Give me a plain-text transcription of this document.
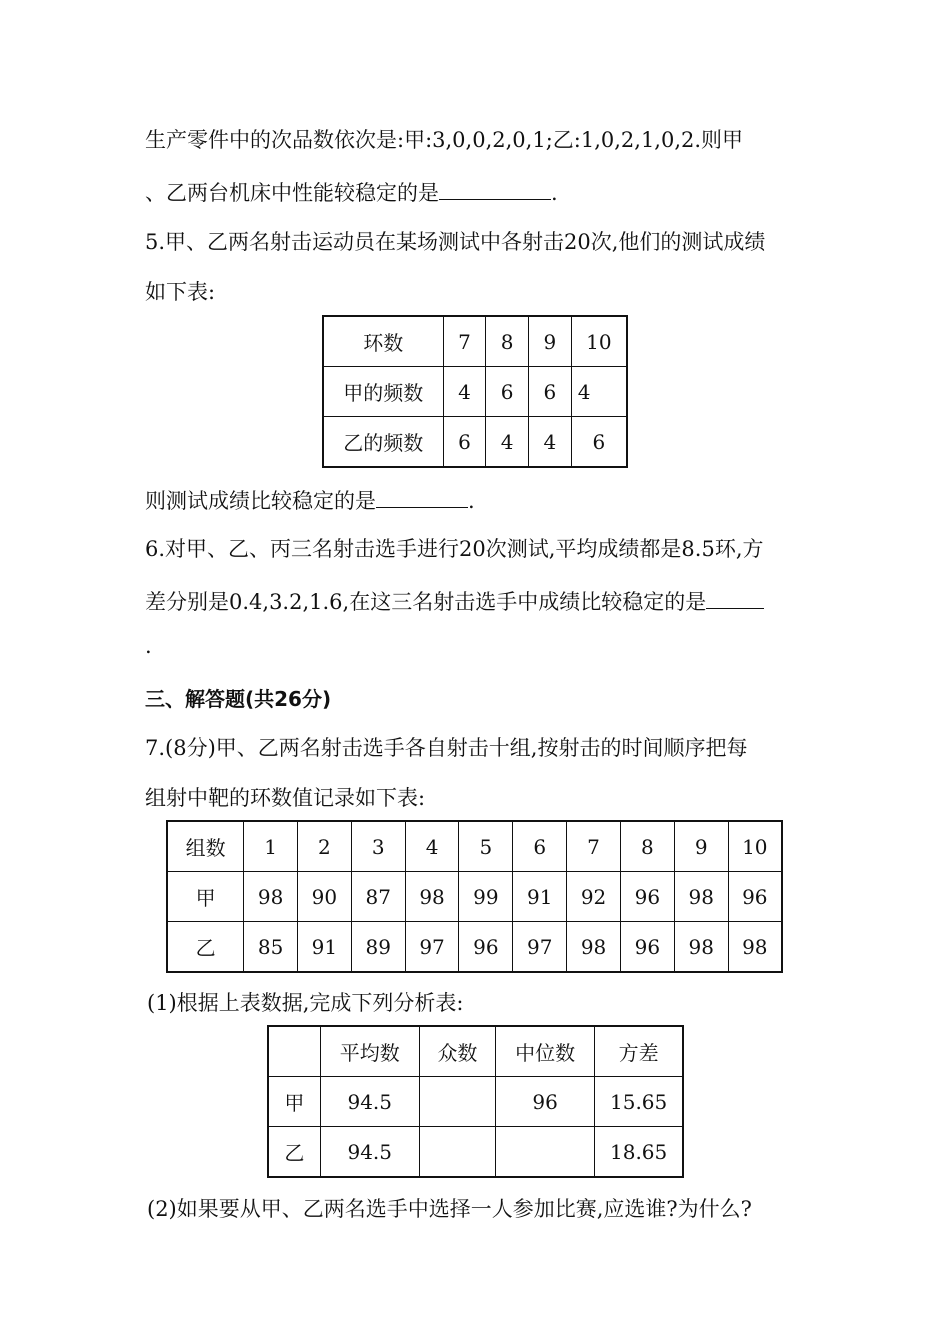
生产零件中的次品数依次是:甲:3,0,0,2,0,1;乙:1,0,2,1,0,2.则甲
、乙两台机床中性能较稳定的是	.
5.甲、乙两名射击运动员在某场测试中各射击20次,他们的测试成绩
如下表:
环数	7	8	9	10
甲的频数	4	6	6	4
乙的频数	6	4	4	6
则测试成绩比较稳定的是	.
6.对甲、乙、丙三名射击选手进行20次测试,平均成绩都是8.5环,方
差分别是0.4,3.2,1.6,在这三名射击选手中成绩比较稳定的是
.
三、解答题(共26分)
7.(8分)甲、乙两名射击选手各自射击十组,按射击的时间顺序把每
组射中靶的环数值记录如下表:
组数	1	2	3	4	5	6	7	8	9	10
甲	98	90	87	98	99	91	92	96	98	96
乙	85	91	89	97	96	97	98	96	98	98
(1)根据上表数据,完成下列分析表:
	平均数	众数	中位数	方差
甲	94.5		96	15.65
乙	94.5			18.65
(2)如果要从甲、乙两名选手中选择一人参加比赛,应选谁?为什么?
